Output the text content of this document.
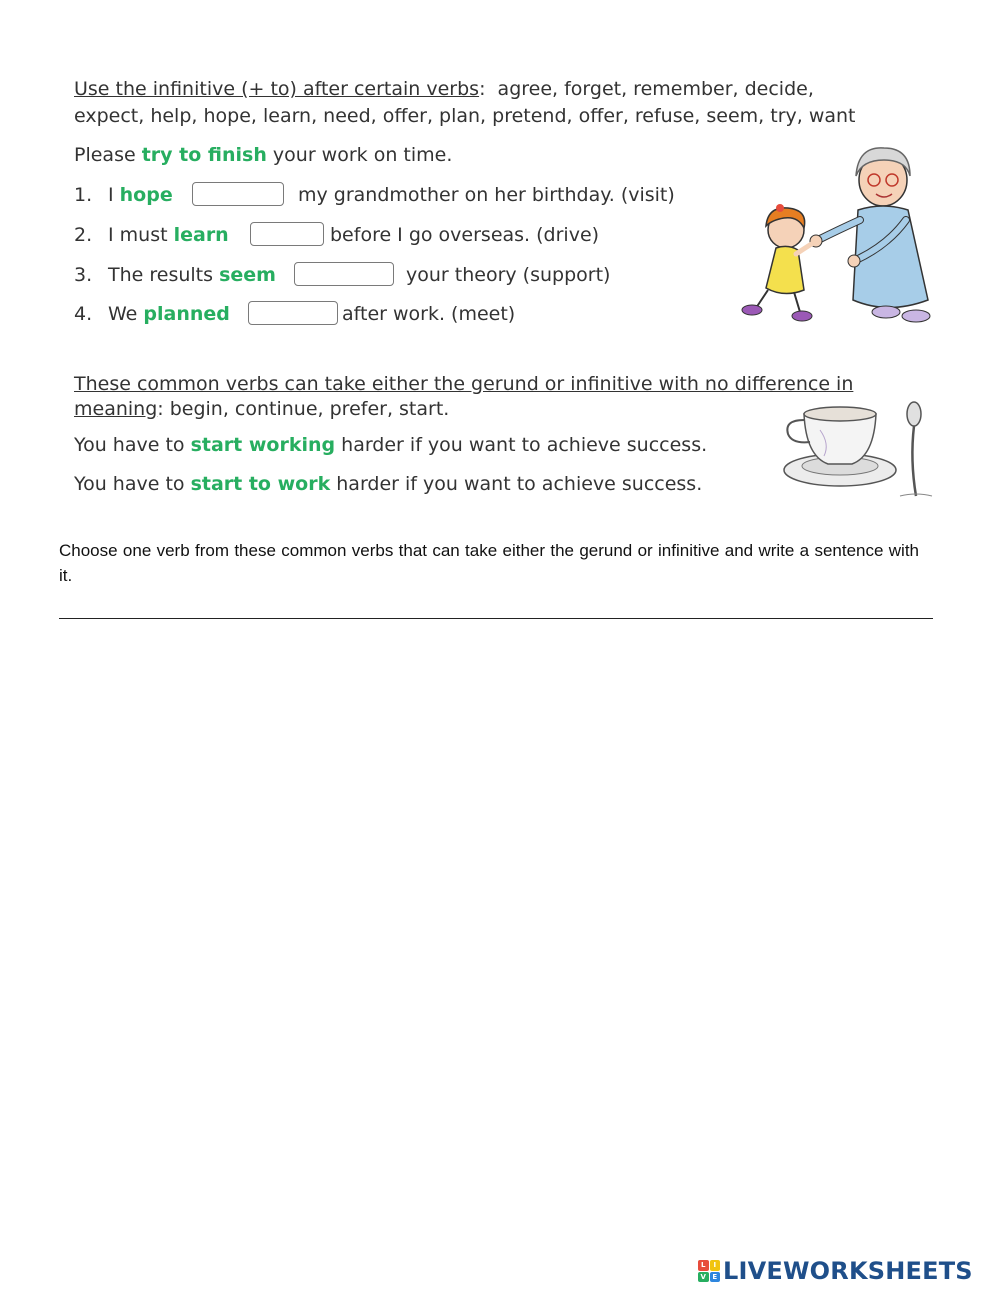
Use the infinitive (+ to) after certain verbs:  agree, forget, remember, decide,
expect, help, hope, learn, need, offer, plan, pretend, offer, refuse, seem, try, want

Please try to finish your work on time.
1. I hope	my grandmother on her birthday. (visit)
2. I must learn	before I go overseas. (drive)
3. The results seem	your theory (support)
4. We planned	after work. (meet)

These common verbs can take either the gerund or infinitive with no difference in meaning: begin, continue, prefer, start.

You have to start working harder if you want to achieve success.
You have to start to work harder if you want to achieve success.
Choose one verb from these common verbs that can take either the gerund or infinitive and write a sentence with it.
L	I
V E LIVEWORKSHEETS
